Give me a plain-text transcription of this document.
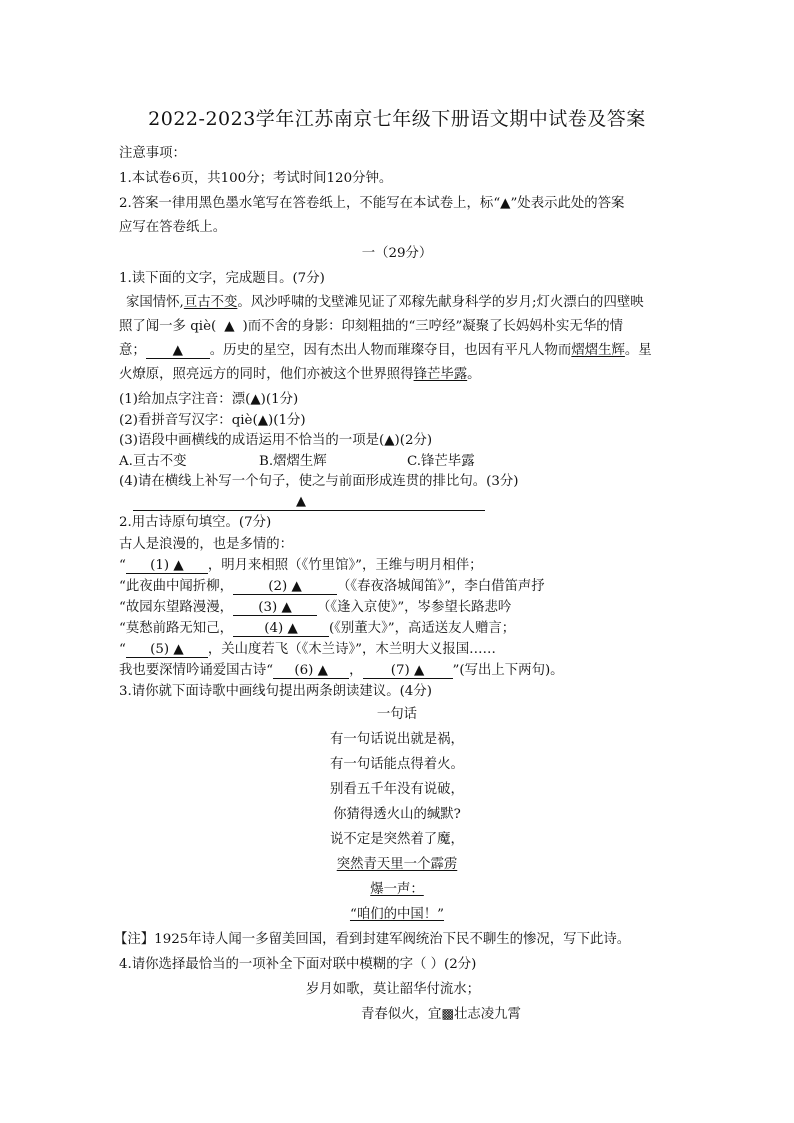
2022-2023学年江苏南京七年级下册语文期中试卷及答案
注意事项：
1.本试卷6页，共100分；考试时间120分钟。
2.答案一律用黑色墨水笔写在答卷纸上，不能写在本试卷上，标“▲”处表示此处的答案
应写在答卷纸上。
一（29分）
1.读下面的文字，完成题目。(7分)
家国情怀,亘古不变。风沙呼啸的戈壁滩见证了邓稼先献身科学的岁月;灯火漂白的四壁映
照了闻一多 qiè( ▲ )而不舍的身影：印刻粗拙的“三哼经”凝聚了长妈妈朴实无华的情
意； ▲ 。历史的星空，因有杰出人物而璀璨夺目，也因有平凡人物而熠熠生辉。星
火燎原，照亮远方的同时，他们亦被这个世界照得锋芒毕露。
(1)给加点字注音：漂(▲)(1分)
(2)看拼音写汉字：qiè(▲)(1分)
(3)语段中画横线的成语运用不恰当的一项是(▲)(2分)
A.亘古不变	B.熠熠生辉	C.锋芒毕露
(4)请在横线上补写一个句子，使之与前面形成连贯的排比句。(3分)
▲
2.用古诗原句填空。(7分)
古人是浪漫的，也是多情的：
“ (1) ▲ ，明月来相照（《竹里馆》”，王维与明月相伴；
“此夜曲中闻折柳，	(2) ▲	（《春夜洛城闻笛》”，李白借笛声抒
“故园东望路漫漫， (3) ▲ （《逢入京使》”，岑参望长路悲吟
“莫愁前路无知己， (4) ▲ (《别董大》”，高适送友人赠言；
“ (5) ▲ ，关山度若飞（《木兰诗》”，木兰明大义报国……
我也要深情吟诵爱国古诗“ (6) ▲ ， (7) ▲ ”(写出上下两句)。
3.请你就下面诗歌中画线句提出两条朗读建议。(4分)
一句话
有一句话说出就是祸，
有一句话能点得着火。
别看五千年没有说破，
你猜得透火山的缄默?
说不定是突然着了魔，
突然青天里一个霹雳
爆一声：
“咱们的中国！”
【注】1925年诗人闻一多留美回国，看到封建军阀统治下民不聊生的惨况，写下此诗。
4.请你选择最恰当的一项补全下面对联中模糊的字（ ）(2分)
岁月如歌，莫让韶华付流水；
青春似火，宜▩壮志凌九霄
